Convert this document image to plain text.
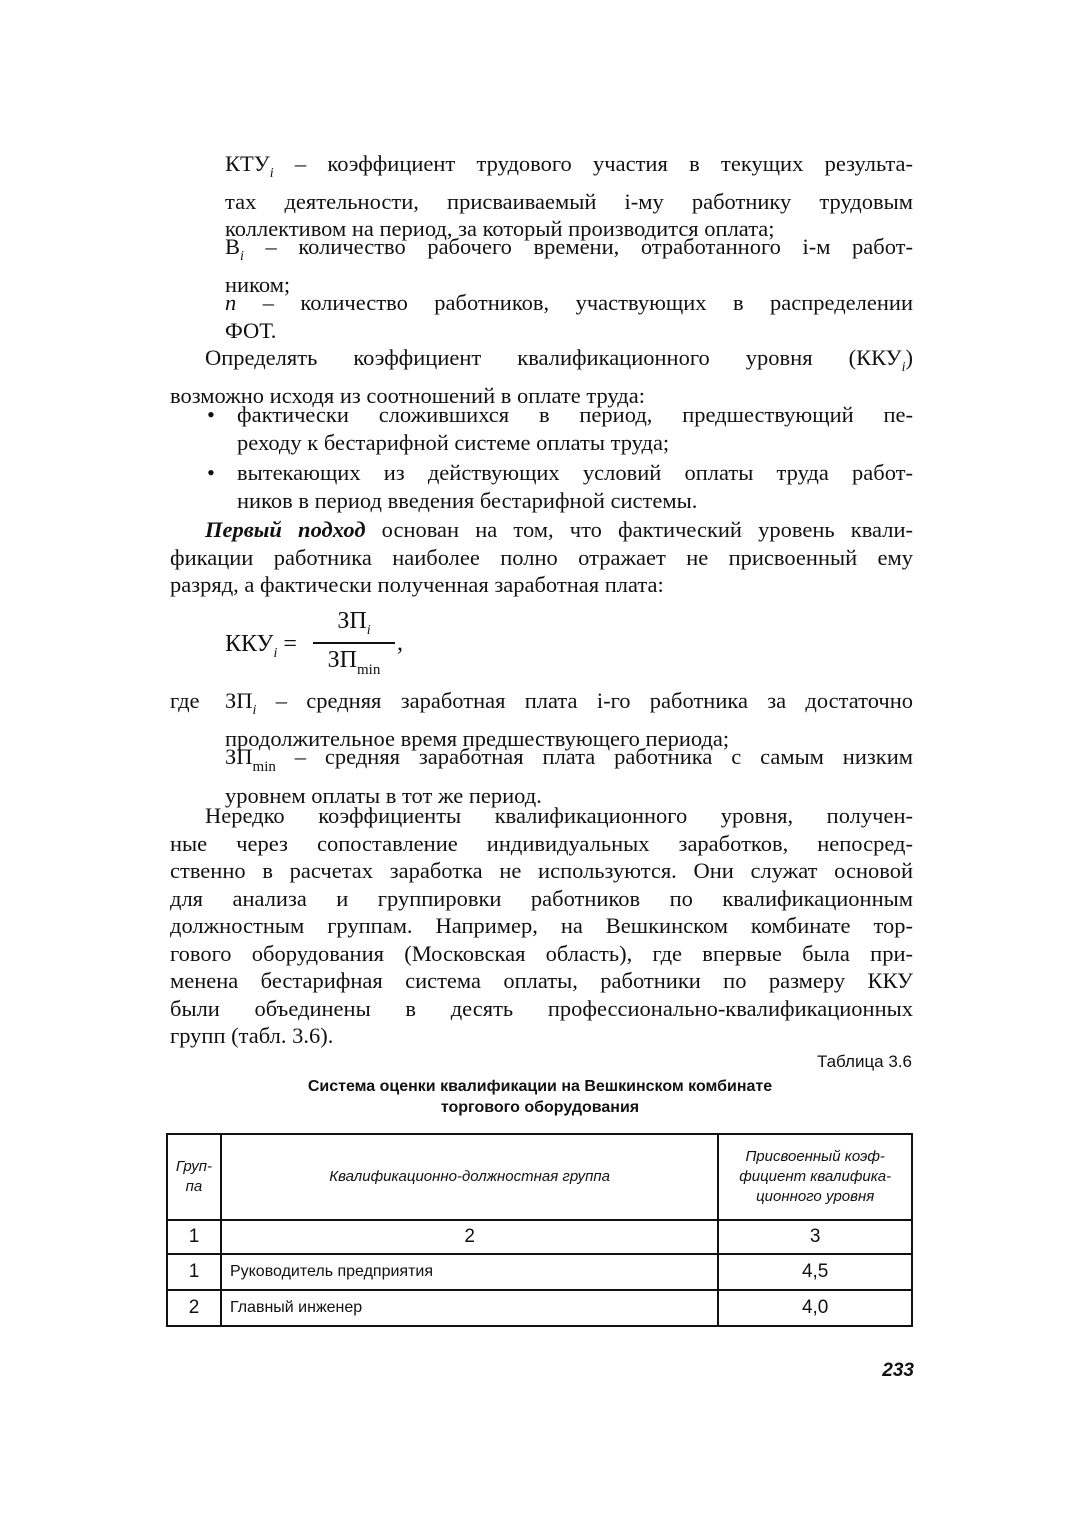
$КТУ_i$ – коэффициент трудового участия в текущих результа-

тах деятельности, присваиваемый i-му работнику трудовым

коллективом на период, за который производится оплата;

$В_i$ – количество рабочего времени, отработанного i-м работ-

ником;

n – количество работников, участвующих в распределении

ФОТ.

Определять коэффициент квалификационного уровня $(ККУ_i)$
возможно исходя из соотношений в оплате труда:
• фактически сложившихся в период, предшествующий пе-
реходу к бестарифной системе оплаты труда;
• вытекающих из действующих условий оплаты труда работ-
ников в период введения бестарифной системы.
Первый подход основан на том, что фактический уровень квали-
фикации работника наиболее полно отражает не присвоенный ему
разряд, а фактически полученная заработная плата:
$ККУ_i$ =
$ЗП_i$
$ЗП_{min}$
,
где $ЗП_i$ – средняя заработная плата i-го работника за достаточно

продолжительное время предшествующего периода;

$ЗП_{min}$ – средняя заработная плата работника с самым низким

уровнем оплаты в тот же период.

Нередко коэффициенты квалификационного уровня, получен-
ные через сопоставление индивидуальных заработков, непосред-
ственно в расчетах заработка не используются. Они служат основой
для анализа и группировки работников по квалификационным
должностным группам. Например, на Вешкинском комбинате тор-
гового оборудования (Московская область), где впервые была при-
менена бестарифная система оплаты, работники по размеру ККУ
были объединены в десять профессионально-квалификационных
групп (табл. 3.6).
Таблица 3.6
Система оценки квалификации на Вешкинском комбинате
торгового оборудования
Груп-па	Квалификационно-должностная группа	Присвоенный коэф-фициент квалифика-ционного уровня
1	2	3
1	Руководитель предприятия	4,5
2	Главный инженер	4,0
233
